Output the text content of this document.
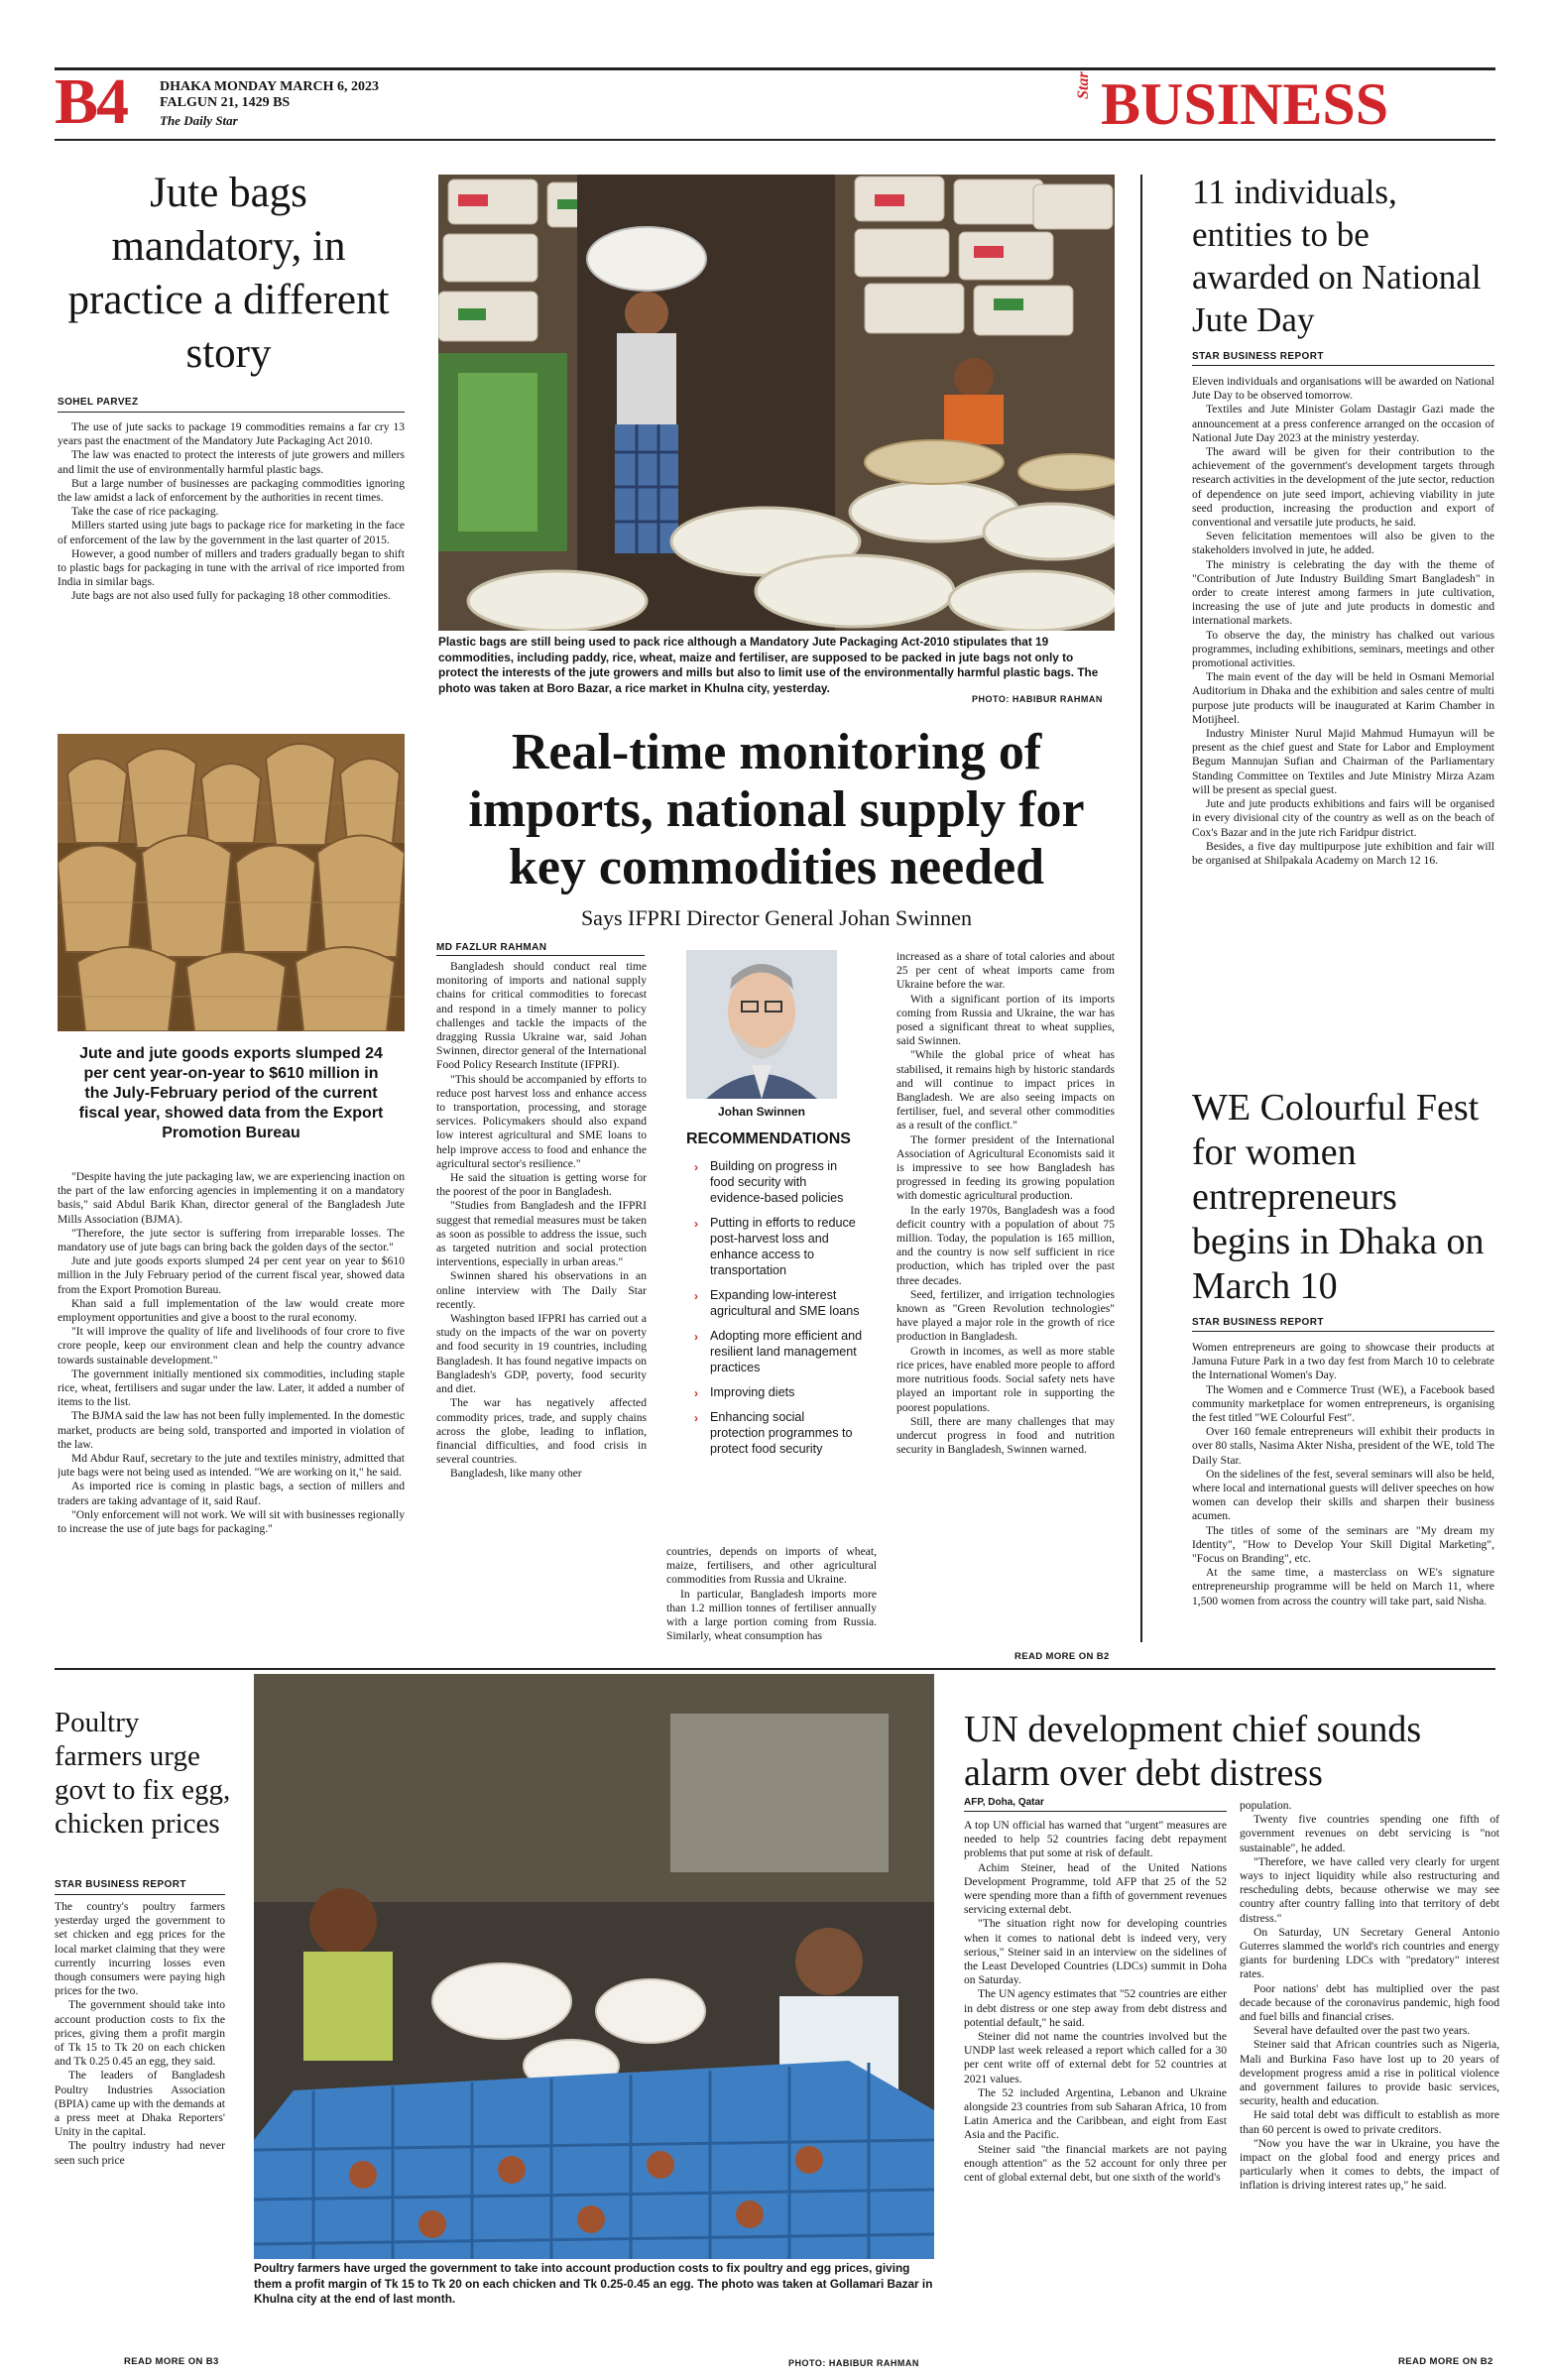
B4 DHAKA MONDAY MARCH 6, 2023
FALGUN 21, 1429 BS
The Daily Star
Star BUSINESS
Jute bags mandatory, in practice a different story
SOHEL PARVEZ

The use of jute sacks to package 19 commodities remains a far cry 13 years past the enactment of the Mandatory Jute Packaging Act 2010.

The law was enacted to protect the interests of jute growers and millers and limit the use of environmentally harmful plastic bags.

But a large number of businesses are packaging commodities ignoring the law amidst a lack of enforcement by the authorities in recent times.

Take the case of rice packaging.

Millers started using jute bags to package rice for marketing in the face of enforcement of the law by the government in the last quarter of 2015.

However, a good number of millers and traders gradually began to shift to plastic bags for packaging in tune with the arrival of rice imported from India in similar bags.

Jute bags are not also used fully for packaging 18 other commodities.

Jute and jute goods exports slumped 24 per cent year-on-year to $610 million in the July-February period of the current fiscal year, showed data from the Export Promotion Bureau

"Despite having the jute packaging law, we are experiencing inaction on the part of the law enforcing agencies in implementing it on a mandatory basis," said Abdul Barik Khan, director general of the Bangladesh Jute Mills Association (BJMA).

"Therefore, the jute sector is suffering from irreparable losses. The mandatory use of jute bags can bring back the golden days of the sector."

Jute and jute goods exports slumped 24 per cent year on year to $610 million in the July February period of the current fiscal year, showed data from the Export Promotion Bureau.

Khan said a full implementation of the law would create more employment opportunities and give a boost to the rural economy.

"It will improve the quality of life and livelihoods of four crore to five crore people, keep our environment clean and help the country advance towards sustainable development."

The government initially mentioned six commodities, including staple rice, wheat, fertilisers and sugar under the law. Later, it added a number of items to the list.

The BJMA said the law has not been fully implemented. In the domestic market, products are being sold, transported and imported in violation of the law.

Md Abdur Rauf, secretary to the jute and textiles ministry, admitted that jute bags were not being used as intended. "We are working on it," he said.

As imported rice is coming in plastic bags, a section of millers and traders are taking advantage of it, said Rauf.

"Only enforcement will not work. We will sit with businesses regionally to increase the use of jute bags for packaging."

Plastic bags are still being used to pack rice although a Mandatory Jute Packaging Act-2010 stipulates that 19 commodities, including paddy, rice, wheat, maize and fertiliser, are supposed to be packed in jute bags not only to protect the interests of the jute growers and mills but also to limit use of the environmentally harmful plastic bags. The photo was taken at Boro Bazar, a rice market in Khulna city, yesterday.
PHOTO: HABIBUR RAHMAN
Real-time monitoring of imports, national supply for key commodities needed
Says IFPRI Director General Johan Swinnen
MD FAZLUR RAHMAN

Bangladesh should conduct real time monitoring of imports and national supply chains for critical commodities to forecast and respond in a timely manner to policy challenges and tackle the impacts of the dragging Russia Ukraine war, said Johan Swinnen, director general of the International Food Policy Research Institute (IFPRI).

"This should be accompanied by efforts to reduce post harvest loss and enhance access to transportation, processing, and storage services. Policymakers should also expand low interest agricultural and SME loans to help improve access to food and enhance the agricultural sector's resilience."

He said the situation is getting worse for the poorest of the poor in Bangladesh.

"Studies from Bangladesh and the IFPRI suggest that remedial measures must be taken as soon as possible to address the issue, such as targeted nutrition and social protection interventions, especially in urban areas."

Swinnen shared his observations in an online interview with The Daily Star recently.

Washington based IFPRI has carried out a study on the impacts of the war on poverty and food security in 19 countries, including Bangladesh. It has found negative impacts on Bangladesh's GDP, poverty, food security and diet.

The war has negatively affected commodity prices, trade, and supply chains across the globe, leading to inflation, financial difficulties, and food crisis in several countries.

Bangladesh, like many other

Johan Swinnen
RECOMMENDATIONS
› Building on progress in food security with evidence-based policies
› Putting in efforts to reduce post-harvest loss and enhance access to transportation
› Expanding low-interest agricultural and SME loans
› Adopting more efficient and resilient land management practices
› Improving diets
› Enhancing social protection programmes to protect food security

countries, depends on imports of wheat, maize, fertilisers, and other agricultural commodities from Russia and Ukraine.

In particular, Bangladesh imports more than 1.2 million tonnes of fertiliser annually with a large portion coming from Russia. Similarly, wheat consumption has

increased as a share of total calories and about 25 per cent of wheat imports came from Ukraine before the war.

With a significant portion of its imports coming from Russia and Ukraine, the war has posed a significant threat to wheat supplies, said Swinnen.

"While the global price of wheat has stabilised, it remains high by historic standards and will continue to impact prices in Bangladesh. We are also seeing impacts on fertiliser, fuel, and several other commodities as a result of the conflict."

The former president of the International Association of Agricultural Economists said it is impressive to see how Bangladesh has progressed in feeding its growing population with domestic agricultural production.

In the early 1970s, Bangladesh was a food deficit country with a population of about 75 million. Today, the population is 165 million, and the country is now self sufficient in rice production, which has tripled over the past three decades.

Seed, fertilizer, and irrigation technologies known as "Green Revolution technologies" have played a major role in the growth of rice production in Bangladesh.

Growth in incomes, as well as more stable rice prices, have enabled more people to afford more nutritious foods. Social safety nets have played an important role in supporting the poorest populations.

Still, there are many challenges that may undercut progress in food and nutrition security in Bangladesh, Swinnen warned.

READ MORE ON B2
11 individuals, entities to be awarded on National Jute Day
STAR BUSINESS REPORT

Eleven individuals and organisations will be awarded on National Jute Day to be observed tomorrow.

Textiles and Jute Minister Golam Dastagir Gazi made the announcement at a press conference arranged on the occasion of National Jute Day 2023 at the ministry yesterday.

The award will be given for their contribution to the achievement of the government's development targets through research activities in the development of the jute sector, reduction of dependence on jute seed import, achieving viability in jute seed production, increasing the production and export of conventional and versatile jute products, he said.

Seven felicitation mementoes will also be given to the stakeholders involved in jute, he added.

The ministry is celebrating the day with the theme of "Contribution of Jute Industry Building Smart Bangladesh" in order to create interest among farmers in jute cultivation, increasing the use of jute and jute products in domestic and international markets.

To observe the day, the ministry has chalked out various programmes, including exhibitions, seminars, meetings and other promotional activities.

The main event of the day will be held in Osmani Memorial Auditorium in Dhaka and the exhibition and sales centre of multi purpose jute products will be inaugurated at Karim Chamber in Motijheel.

Industry Minister Nurul Majid Mahmud Humayun will be present as the chief guest and State for Labor and Employment Begum Mannujan Sufian and Chairman of the Parliamentary Standing Committee on Textiles and Jute Ministry Mirza Azam will be present as special guest.

Jute and jute products exhibitions and fairs will be organised in every divisional city of the country as well as on the beach of Cox's Bazar and in the jute rich Faridpur district.

Besides, a five day multipurpose jute exhibition and fair will be organised at Shilpakala Academy on March 12 16.

WE Colourful Fest for women entrepreneurs begins in Dhaka on March 10
STAR BUSINESS REPORT

Women entrepreneurs are going to showcase their products at Jamuna Future Park in a two day fest from March 10 to celebrate the International Women's Day.

The Women and e Commerce Trust (WE), a Facebook based community marketplace for women entrepreneurs, is organising the fest titled "WE Colourful Fest".

Over 160 female entrepreneurs will exhibit their products in over 80 stalls, Nasima Akter Nisha, president of the WE, told The Daily Star.

On the sidelines of the fest, several seminars will also be held, where local and international guests will deliver speeches on how women can develop their skills and sharpen their business acumen.

The titles of some of the seminars are "My dream my Identity", "How to Develop Your Skill Digital Marketing", "Focus on Branding", etc.

At the same time, a masterclass on WE's signature entrepreneurship programme will be held on March 11, where 1,500 women from across the country will take part, said Nisha.

Poultry farmers urge govt to fix egg, chicken prices
STAR BUSINESS REPORT

The country's poultry farmers yesterday urged the government to set chicken and egg prices for the local market claiming that they were currently incurring losses even though consumers were paying high prices for the two.

The government should take into account production costs to fix the prices, giving them a profit margin of Tk 15 to Tk 20 on each chicken and Tk 0.25 0.45 an egg, they said.

The leaders of Bangladesh Poultry Industries Association (BPIA) came up with the demands at a press meet at Dhaka Reporters' Unity in the capital.

The poultry industry had never seen such price

READ MORE ON B3
Poultry farmers have urged the government to take into account production costs to fix poultry and egg prices, giving them a profit margin of Tk 15 to Tk 20 on each chicken and Tk 0.25-0.45 an egg. The photo was taken at Gollamari Bazar in Khulna city at the end of last month.
PHOTO: HABIBUR RAHMAN
UN development chief sounds alarm over debt distress
AFP, Doha, Qatar

A top UN official has warned that "urgent" measures are needed to help 52 countries facing debt repayment problems that put some at risk of default.

Achim Steiner, head of the United Nations Development Programme, told AFP that 25 of the 52 were spending more than a fifth of government revenues servicing external debt.

"The situation right now for developing countries when it comes to national debt is indeed very, very serious," Steiner said in an interview on the sidelines of the Least Developed Countries (LDCs) summit in Doha on Saturday.

The UN agency estimates that "52 countries are either in debt distress or one step away from debt distress and potential default," he said.

Steiner did not name the countries involved but the UNDP last week released a report which called for a 30 per cent write off of external debt for 52 countries at 2021 values.

The 52 included Argentina, Lebanon and Ukraine alongside 23 countries from sub Saharan Africa, 10 from Latin America and the Caribbean, and eight from East Asia and the Pacific.

Steiner said "the financial markets are not paying enough attention" as the 52 account for only three per cent of global external debt, but one sixth of the world's

population.

Twenty five countries spending one fifth of government revenues on debt servicing is "not sustainable", he added.

"Therefore, we have called very clearly for urgent ways to inject liquidity while also restructuring and rescheduling debts, because otherwise we may see country after country falling into that territory of debt distress."

On Saturday, UN Secretary General Antonio Guterres slammed the world's rich countries and energy giants for burdening LDCs with "predatory" interest rates.

Poor nations' debt has multiplied over the past decade because of the coronavirus pandemic, high food and fuel bills and financial crises.

Several have defaulted over the past two years.

Steiner said that African countries such as Nigeria, Mali and Burkina Faso have lost up to 20 years of development progress amid a rise in political violence and government failures to provide basic services, security, health and education.

He said total debt was difficult to establish as more than 60 percent is owed to private creditors.

"Now you have the war in Ukraine, you have the impact on the global food and energy prices and particularly when it comes to debts, the impact of inflation is driving interest rates up," he said.

READ MORE ON B2
